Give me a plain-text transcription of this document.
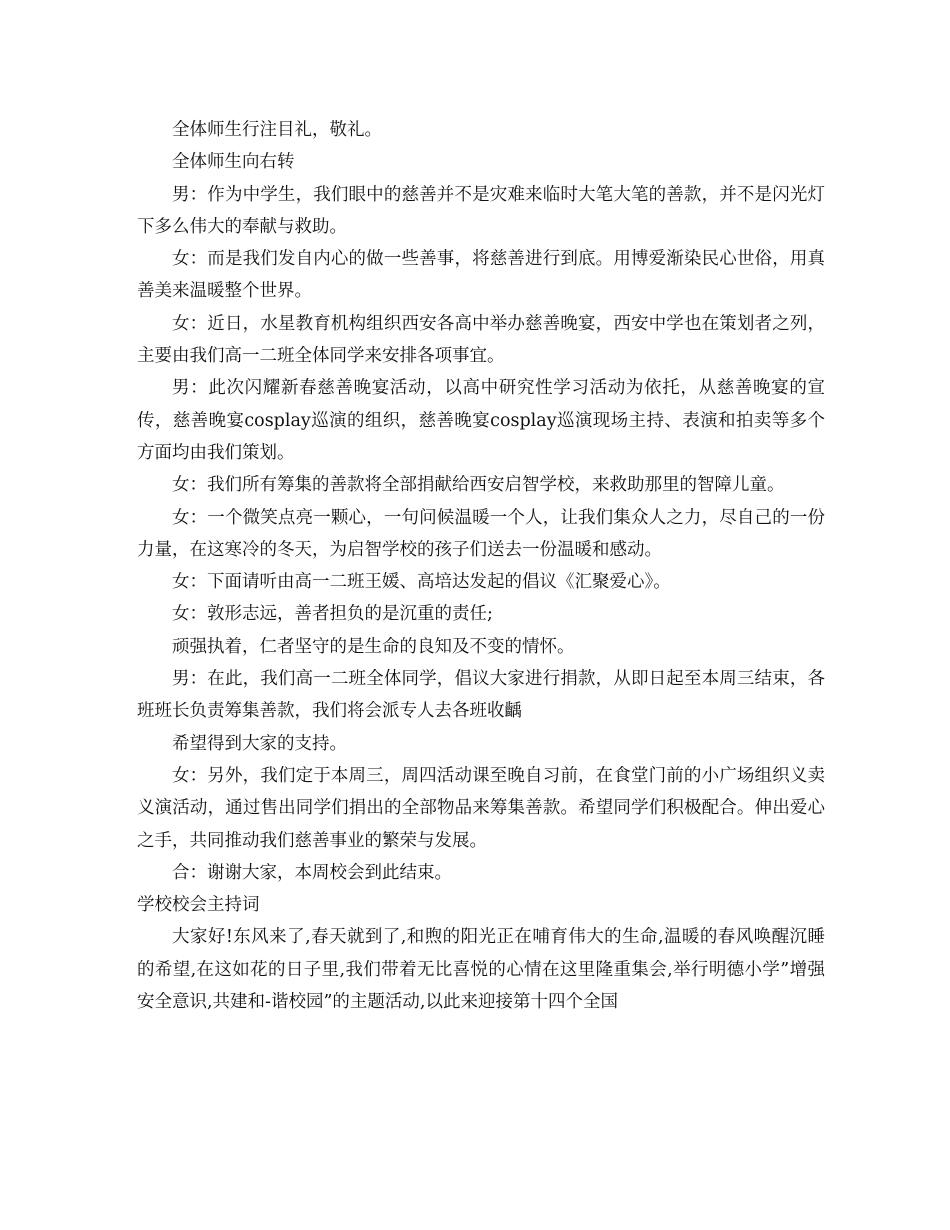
全体师生行注目礼，敬礼。

全体师生向右转

男：作为中学生，我们眼中的慈善并不是灾难来临时大笔大笔的善款，并不是闪光灯下多么伟大的奉献与救助。

女：而是我们发自内心的做一些善事，将慈善进行到底。用博爱渐染民心世俗，用真善美来温暖整个世界。

女：近日，水星教育机构组织西安各高中举办慈善晚宴，西安中学也在策划者之列，主要由我们高一二班全体同学来安排各项事宜。

男：此次闪耀新春慈善晚宴活动，以高中研究性学习活动为依托，从慈善晚宴的宣传，慈善晚宴cosplay巡演的组织，慈善晚宴cosplay巡演现场主持、表演和拍卖等多个方面均由我们策划。

女：我们所有筹集的善款将全部捐献给西安启智学校，来救助那里的智障儿童。

女：一个微笑点亮一颗心，一句问候温暖一个人，让我们集众人之力，尽自己的一份力量，在这寒冷的冬天，为启智学校的孩子们送去一份温暖和感动。

女：下面请听由高一二班王媛、高培达发起的倡议《汇聚爱心》。

女：敦形志远，善者担负的是沉重的责任;

顽强执着，仁者坚守的是生命的良知及不变的情怀。

男：在此，我们高一二班全体同学，倡议大家进行捐款，从即日起至本周三结束，各班班长负责筹集善款，我们将会派专人去各班收齲

希望得到大家的支持。

女：另外，我们定于本周三，周四活动课至晚自习前，在食堂门前的小广场组织义卖义演活动，通过售出同学们捐出的全部物品来筹集善款。希望同学们积极配合。伸出爱心之手，共同推动我们慈善事业的繁荣与发展。

合：谢谢大家，本周校会到此结束。

学校校会主持词

大家好!东风来了,春天就到了,和煦的阳光正在哺育伟大的生命,温暖的春风唤醒沉睡的希望,在这如花的日子里,我们带着无比喜悦的心情在这里隆重集会,举行明德小学”增强安全意识,共建和-谐校园”的主题活动,以此来迎接第十四个全国
